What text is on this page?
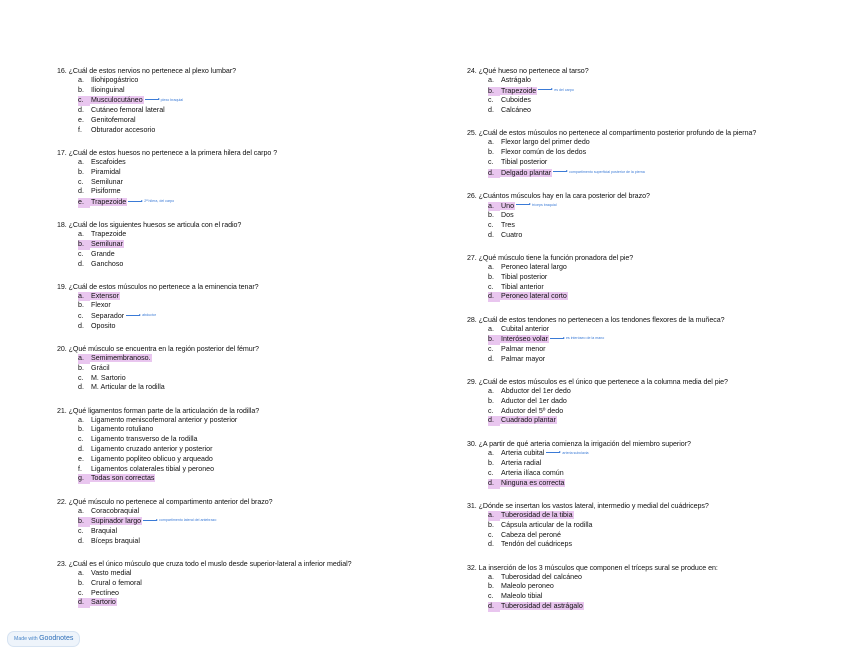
16. ¿Cuál de estos nervios no pertenece al plexo lumbar?
a. Iliohipogástrico
b. Ilioinguinal
c. Musculocutáneo	plexo braquial
d. Cutáneo femoral lateral
e. Genitofemoral
f. Obturador accesorio
17. ¿Cuál de estos huesos no pertenece a la primera hilera del carpo ?
a. Escafoides
b. Piramidal
c. Semilunar
d. Pisiforme
e. Trapezoide	2ª hilera, del carpo
18. ¿Cuál de los siguientes huesos se articula con el radio?
a. Trapezoide
b. Semilunar
c. Grande
d. Ganchoso
19. ¿Cuál de estos músculos no pertenece a la eminencia tenar?
a. Extensor
b. Flexor
c. Separador	abductor
d. Oposito
20. ¿Qué músculo se encuentra en la región posterior del fémur?
a. Semimembranoso.
b. Grácil
c. M. Sartorio
d. M. Articular de la rodilla
21. ¿Qué ligamentos forman parte de la articulación de la rodilla?
a. Ligamento meniscofemoral anterior y posterior
b. Ligamento rotuliano
c. Ligamento transverso de la rodilla
d. Ligamento cruzado anterior y posterior
e. Ligamento popliteo oblicuo y arqueado
f. Ligamentos colaterales tibial y peroneo
g. Todas son correctas
22. ¿Qué músculo no pertenece al compartimento anterior del brazo?
a. Coracobraquial
b. Supinador largo	compartimento lateral del antebrazo
c. Braquial
d. Bíceps braquial
23. ¿Cuál es el único músculo que cruza todo el muslo desde superior-lateral a inferior medial?
a. Vasto medial
b. Crural o femoral
c. Pectíneo
d. Sartorio
24. ¿Qué hueso no pertenece al tarso?
a. Astrágalo
b. Trapezoide	es del carpo
c. Cuboides
d. Calcáneo
25. ¿Cuál de estos músculos no pertenece al compartimento posterior profundo de la pierna?
a. Flexor largo del primer dedo
b. Flexor común de los dedos
c. Tibial posterior
d. Delgado plantar	compartimento superficial posterior de la pierna
26. ¿Cuántos músculos hay en la cara posterior del brazo?
a. Uno	tríceps braquial
b. Dos
c. Tres
d. Cuatro
27. ¿Qué músculo tiene la función pronadora del pie?
a. Peroneo lateral largo
b. Tibial posterior
c. Tibial anterior
d. Peroneo lateral corto
28. ¿Cuál de estos tendones no pertenecen a los tendones flexores de la muñeca?
a. Cubital anterior
b. Interóseo volar	es interóseo de la mano
c. Palmar menor
d. Palmar mayor
29. ¿Cuál de estos músculos es el único que pertenece a la columna media del pie?
a. Abductor del 1er dedo
b. Aductor del 1er dado
c. Aductor del 5º dedo
d. Cuadrado plantar
30. ¿A partir de qué arteria comienza la irrigación del miembro superior?
a. Arteria cubital	arteria subclavia
b. Arteria radial
c. Arteria ilíaca común
d. Ninguna es correcta
31. ¿Dónde se insertan los vastos lateral, intermedio y medial del cuádriceps?
a. Tuberosidad de la tibia
b. Cápsula articular de la rodilla
c. Cabeza del peroné
d. Tendón del cuádriceps
32. La inserción de los 3 músculos que componen el tríceps sural se produce en:
a. Tuberosidad del calcáneo
b. Maleolo peroneo
c. Maleolo tibial
d. Tuberosidad del astrágalo
Made with Goodnotes
